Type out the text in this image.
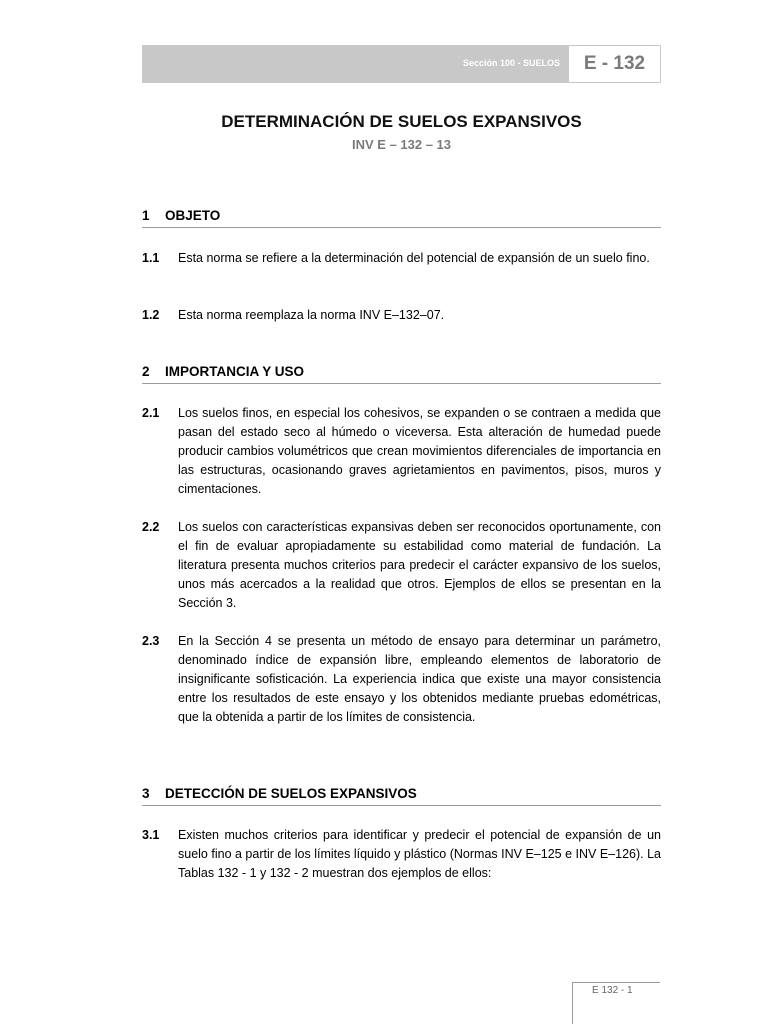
Sección 100 - SUELOS	E - 132
DETERMINACIÓN DE SUELOS EXPANSIVOS
INV E – 132 – 13
1 OBJETO
1.1 Esta norma se refiere a la determinación del potencial de expansión de un suelo fino.

1.2 Esta norma reemplaza la norma INV E–132–07.

2 IMPORTANCIA Y USO
2.1 Los suelos finos, en especial los cohesivos, se expanden o se contraen a medida que pasan del estado seco al húmedo o viceversa. Esta alteración de humedad puede producir cambios volumétricos que crean movimientos diferenciales de importancia en las estructuras, ocasionando graves agrietamientos en pavimentos, pisos, muros y cimentaciones.

2.2 Los suelos con características expansivas deben ser reconocidos oportunamente, con el fin de evaluar apropiadamente su estabilidad como material de fundación. La literatura presenta muchos criterios para predecir el carácter expansivo de los suelos, unos más acercados a la realidad que otros. Ejemplos de ellos se presentan en la Sección 3.

2.3 En la Sección 4 se presenta un método de ensayo para determinar un parámetro, denominado índice de expansión libre, empleando elementos de laboratorio de insignificante sofisticación. La experiencia indica que existe una mayor consistencia entre los resultados de este ensayo y los obtenidos mediante pruebas edométricas, que la obtenida a partir de los límites de consistencia.

3 DETECCIÓN DE SUELOS EXPANSIVOS
3.1 Existen muchos criterios para identificar y predecir el potencial de expansión de un suelo fino a partir de los límites líquido y plástico (Normas INV E–125 e INV E–126). La Tablas 132 - 1 y 132 - 2 muestran dos ejemplos de ellos:

E 132 - 1
